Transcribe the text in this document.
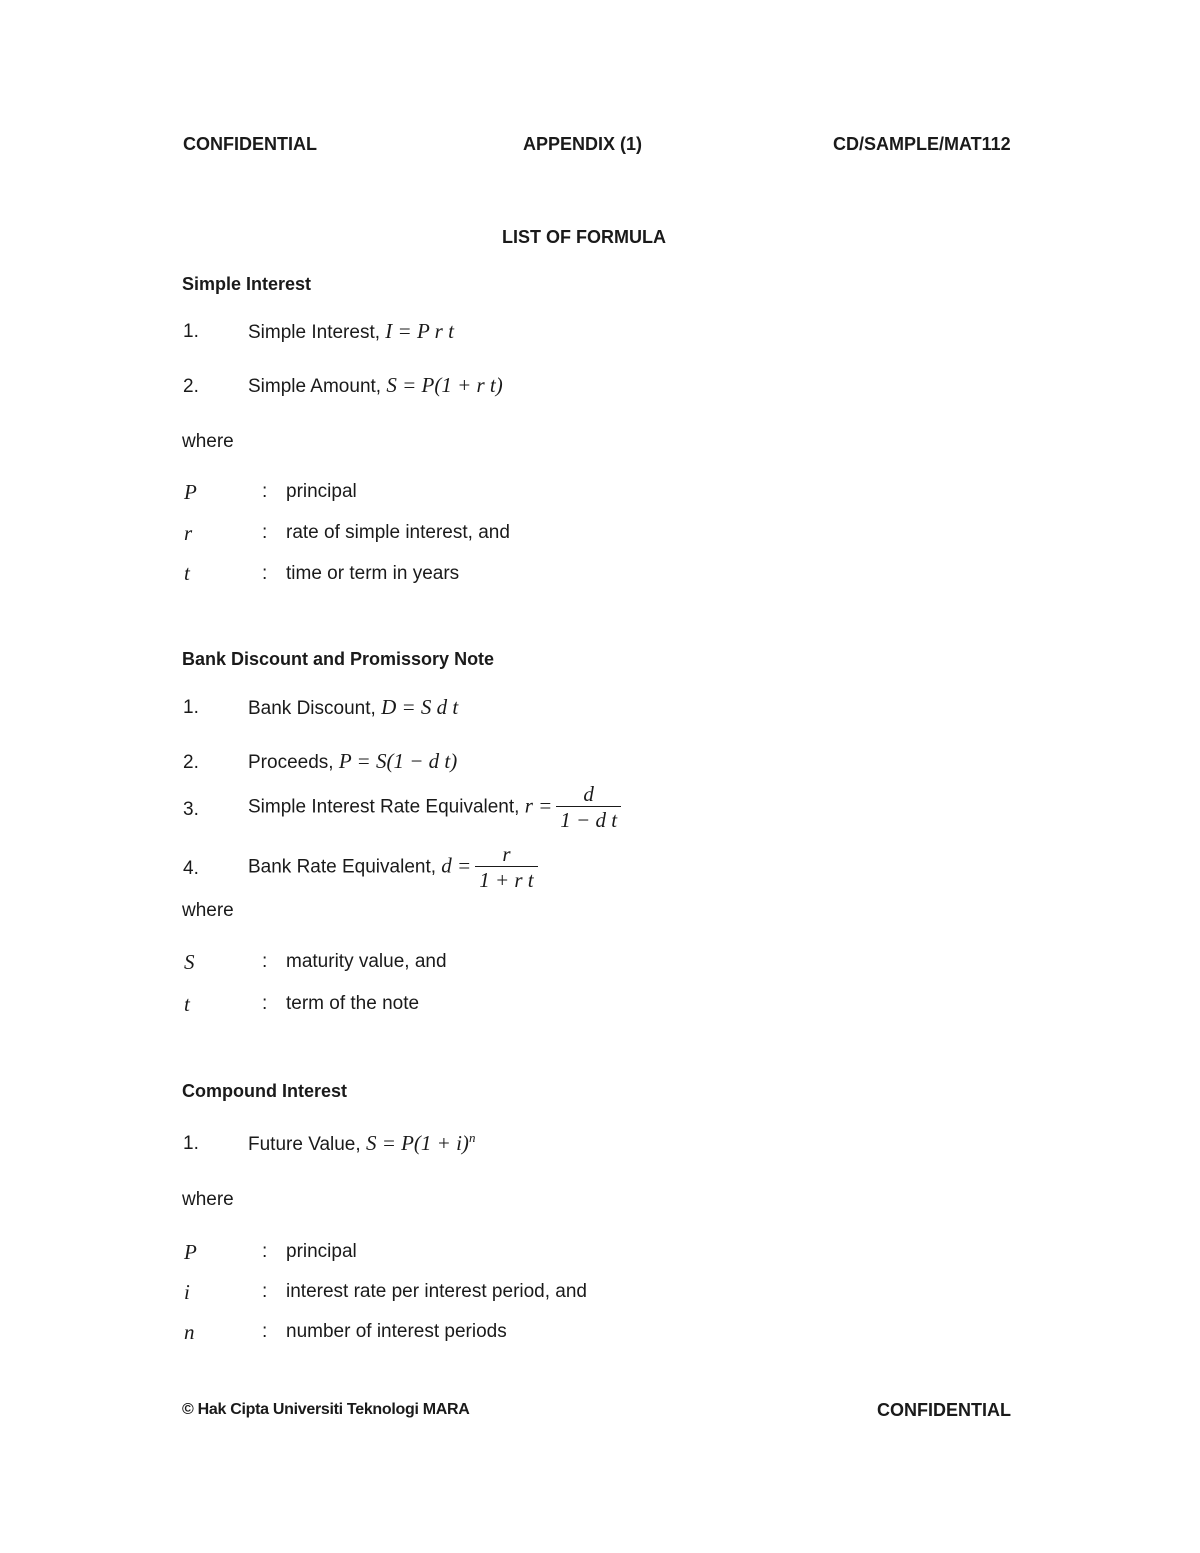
CONFIDENTIAL	APPENDIX (1)	CD/SAMPLE/MAT112
LIST OF FORMULA
Simple Interest
1.	Simple Interest, I = P r t
2.	Simple Amount, S = P(1 + r t)
where
P	: principal
r	: rate of simple interest, and
t	: time or term in years
Bank Discount and Promissory Note
1.	Bank Discount, D = S d t
2.	Proceeds, P = S(1 − d t)
3.	Simple Interest Rate Equivalent, $r = \frac{d}{\text{1 − d t}}$
4.	Bank Rate Equivalent, $d = \frac{r}{\text{1 + r t}}$
where
S	: maturity value, and
t	: term of the note
Compound Interest
1.	Future Value, $S = P(1 + i)^n$
where
P	: principal
i	: interest rate per interest period, and
n	: number of interest periods
© Hak Cipta Universiti Teknologi MARA	CONFIDENTIAL
